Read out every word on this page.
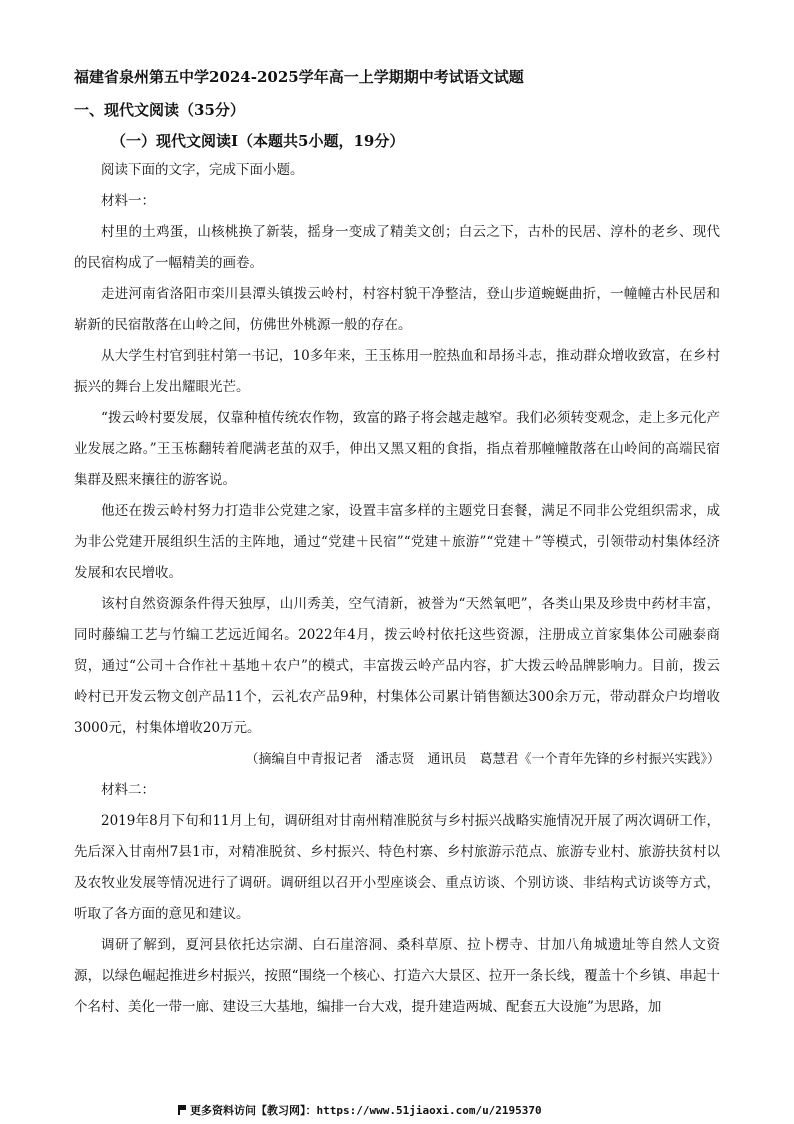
福建省泉州第五中学2024-2025学年高一上学期期中考试语文试题
一、现代文阅读（35分）
（一）现代文阅读Ⅰ（本题共5小题，19分）

阅读下面的文字，完成下面小题。

材料一：

村里的土鸡蛋，山核桃换了新装，摇身一变成了精美文创；白云之下，古朴的民居、淳朴的老乡、现代的民宿构成了一幅精美的画卷。

走进河南省洛阳市栾川县潭头镇拨云岭村，村容村貌干净整洁，登山步道蜿蜒曲折，一幢幢古朴民居和崭新的民宿散落在山岭之间，仿佛世外桃源一般的存在。

从大学生村官到驻村第一书记，10多年来，王玉栋用一腔热血和昂扬斗志，推动群众增收致富，在乡村振兴的舞台上发出耀眼光芒。

“拨云岭村要发展，仅靠种植传统农作物，致富的路子将会越走越窄。我们必须转变观念，走上多元化产业发展之路。”王玉栋翻转着爬满老茧的双手，伸出又黑又粗的食指，指点着那幢幢散落在山岭间的高端民宿集群及熙来攘往的游客说。

他还在拨云岭村努力打造非公党建之家，设置丰富多样的主题党日套餐，满足不同非公党组织需求，成为非公党建开展组织生活的主阵地，通过“党建＋民宿”“党建＋旅游”“党建＋”等模式，引领带动村集体经济发展和农民增收。

该村自然资源条件得天独厚，山川秀美，空气清新，被誉为“天然氧吧”，各类山果及珍贵中药材丰富，同时藤编工艺与竹编工艺远近闻名。2022年4月，拨云岭村依托这些资源，注册成立首家集体公司融泰商贸，通过“公司＋合作社＋基地＋农户”的模式，丰富拨云岭产品内容，扩大拨云岭品牌影响力。目前，拨云岭村已开发云物文创产品11个，云礼农产品9种，村集体公司累计销售额达300余万元，带动群众户均增收3000元，村集体增收20万元。

（摘编自中青报记者　潘志贤　通讯员　葛慧君《一个青年先锋的乡村振兴实践》）

材料二：

2019年8月下旬和11月上旬，调研组对甘南州精准脱贫与乡村振兴战略实施情况开展了两次调研工作，先后深入甘南州7县1市，对精准脱贫、乡村振兴、特色村寨、乡村旅游示范点、旅游专业村、旅游扶贫村以及农牧业发展等情况进行了调研。调研组以召开小型座谈会、重点访谈、个别访谈、非结构式访谈等方式，听取了各方面的意见和建议。

调研了解到，夏河县依托达宗湖、白石崖溶洞、桑科草原、拉卜楞寺、甘加八角城遗址等自然人文资源，以绿色崛起推进乡村振兴，按照“围绕一个核心、打造六大景区、拉开一条长线，覆盖十个乡镇、串起十个名村、美化一带一廊、建设三大基地，编排一台大戏，提升建造两城、配套五大设施”为思路，加

更多资料访问【教习网】：https://www.51jiaoxi.com/u/2195370
